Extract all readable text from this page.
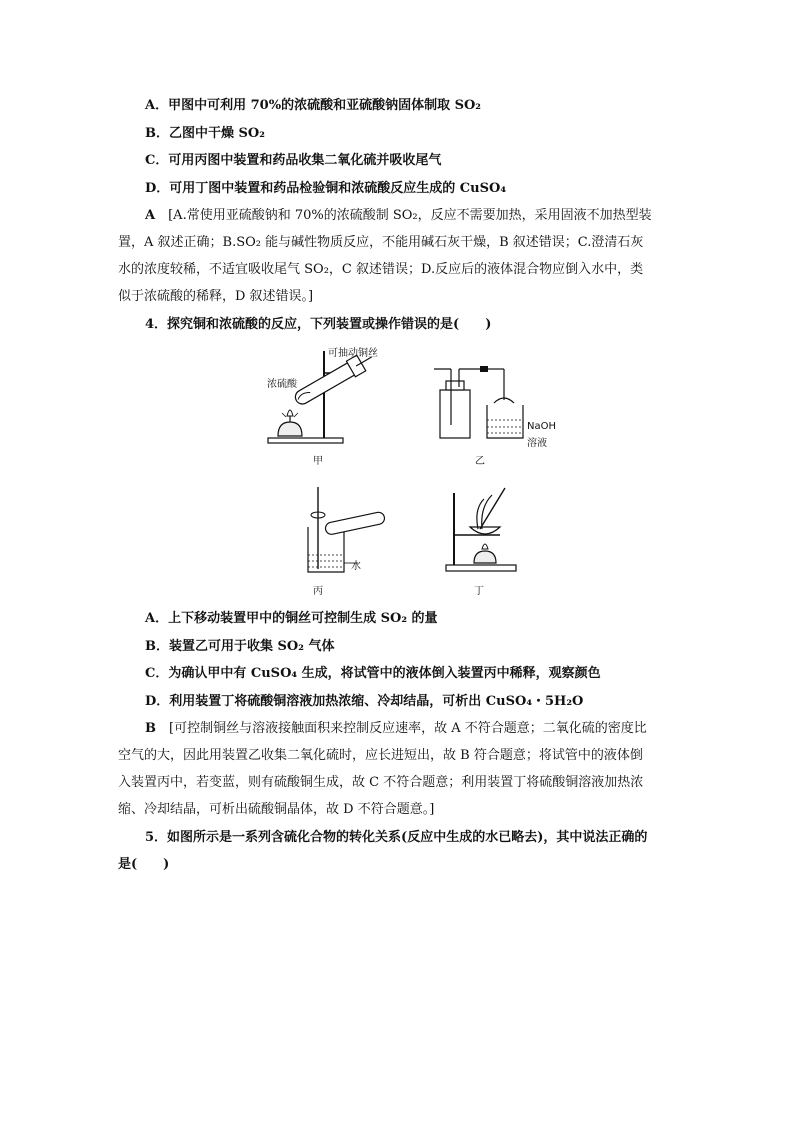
A．甲图中可利用 70%的浓硫酸和亚硫酸钠固体制取 SO₂
B．乙图中干燥 SO₂
C．可用丙图中装置和药品收集二氧化硫并吸收尾气
D．可用丁图中装置和药品检验铜和浓硫酸反应生成的 CuSO₄
A　 [A.常使用亚硫酸钠和 70%的浓硫酸制 SO₂，反应不需要加热，采用固液不加热型装
置，A 叙述正确；B.SO₂ 能与碱性物质反应，不能用碱石灰干燥，B 叙述错误；C.澄清石灰
水的浓度较稀，不适宜吸收尾气 SO₂，C 叙述错误；D.反应后的液体混合物应倒入水中，类
似于浓硫酸的稀释，D 叙述错误。]
4．探究铜和浓硫酸的反应，下列装置或操作错误的是(　　)
可抽动铜丝
浓硫酸
甲
NaOH
溶液
乙
水
丙	丁
A．上下移动装置甲中的铜丝可控制生成 SO₂ 的量
B．装置乙可用于收集 SO₂ 气体
C．为确认甲中有 CuSO₄ 生成，将试管中的液体倒入装置丙中稀释，观察颜色
D．利用装置丁将硫酸铜溶液加热浓缩、冷却结晶，可析出 CuSO₄・5H₂O
B　 [可控制铜丝与溶液接触面积来控制反应速率，故 A 不符合题意；二氧化硫的密度比
空气的大，因此用装置乙收集二氧化硫时，应长进短出，故 B 符合题意；将试管中的液体倒
入装置丙中，若变蓝，则有硫酸铜生成，故 C 不符合题意；利用装置丁将硫酸铜溶液加热浓
缩、冷却结晶，可析出硫酸铜晶体，故 D 不符合题意。]
5．如图所示是一系列含硫化合物的转化关系(反应中生成的水已略去)，其中说法正确的
是(　　)
